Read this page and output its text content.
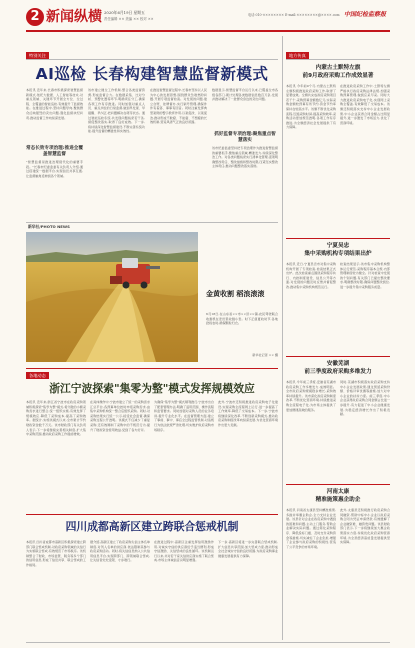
2 新闻纵横 2020年6月19日 星期五
责任编辑 ×× 美编 ×× 校对 ××
电话:010-×××××××× E-mail:××××××××@××××.com 中国纪检监察报
特别关注
AI巡检 长春构建智慧监督新模式
本报讯 近年来,长春市积极探索智慧监督新模式,依托大数据、人工智能等技术,对重点领域、关键环节开展全方位、全过程、全覆盖的智能巡检,有效提升了监督效能。在推进过程中,坚持问题导向,聚焦群众反映强烈的突出问题,强化监督执纪问责,推动监督工作向纵深发展。
常态长效专项治理:推进全覆盖智慧监督
"智慧监督是推进治理现代化的重要手段。"长春市纪委监委有关负责人介绍,通过搭建统一数据平台,实现信息共享互通,让监督触角延伸到各个领域。
该市建立健全工作机制,整合各类监督资源,形成监督合力。在数据采集、比对分析、预警处置等环节,明确责任分工,确保各项工作有序推进。同时加强对重点人员、重点岗位的日常监督,做到早发现、早提醒、早纠正,把问题解决在萌芽状态。通过智能巡检系统,共发现问题线索若干条,督促整改落实,取得了良好成效。下一步,将持续深化智慧监督建设,不断完善系统功能,提升监督的精准性和实效性。
在推进智慧监督过程中,长春市坚持以人民为中心的发展思想,围绕群众急难愁盼问题,开展专项监督检查。对发现的问题,建立台账、挂牌督办,实行销号管理,确保件件有着落、事事有回音。同时注重发挥典型案例的警示教育作用,以案促改、以案促治,推动形成不敢腐、不能腐、不想腐的长效机制,营造风清气正的良好氛围。
数据显示,智慧监督平台运行以来,已覆盖全市各级各部门,累计处理各类数据信息数百万条,发现并推动解决了一批群众身边的突出问题。
抓好监督专项治理:聚焦重点智慧落实
该市纪委监委坚持把专项治理作为推进智慧监督的重要抓手,聚焦重点领域,精准发力,持续深化整治工作。对各类问题线索实行清单化管理,逐项明确整改责任、整改措施和整改时限,压紧压实整改主体责任,推动问题整改落实落细。
新华社/PHOTO NEWS
金黄收割 稻浪滚滚
6月18日,在山东省××市××县××镇,农民驾驶联合收割机在麦田里收割小麦。时下正值夏收时节,各地抢抓农时,确保颗粒归仓。
新华社记者 ×× 摄
各地动态
浙江宁波探索"集零为整"模式发挥规模效应
本报讯 近年来,浙江省宁波市在政府采购领域积极探索"集零为整"模式,将分散的小额采购需求进行整合,统一组织实施,有效发挥了规模效应,降低了采购成本,提高了采购效率。据统计,实施该模式以来,全市累计节约财政资金数千万元。该市财政部门有关负责人表示,下一步将继续完善相关制度,扩大集中采购范围,推动政府采购工作提质增效。
在具体操作中,宁波市建立了统一的采购需求汇总平台,各预算单位按时申报采购需求,由集中采购机构统一整合后组织采购。同时,对采购结果实行统一公示,接受社会监督,确保采购过程公开透明。该模式不仅减少了重复采购,还有效遏制了采购中的不规范行为,提升了财政资金使用效益,受到了各方好评。
为确保"集零为整"模式顺利推行,宁波市出台了配套管理办法,明确了适用范围、操作流程和监管要求。同时加强对采购人员的业务培训,提升专业化水平。在监督管理方面,建立了事前、事中、事后全过程监管机制,对违规行为依法依规严肃处理,切实维护政府采购市场秩序。
此外,宁波市还积极推进政府采购电子化建设,实现采购全流程网上运行,进一步提高了工作效率,降低了交易成本。下一步,宁波市将继续深化改革,不断创新采购模式,推动政府采购制度改革向纵深发展,为优化营商环境作出更大贡献。
四川成都高新区建立跨联合惩戒机制
本报讯 四川省成都市高新区积极探索建立跨部门联合惩戒机制,对政府采购领域的失信行为实施联合惩戒,有效规范了市场秩序。该机制整合了财政、市场监管、税务等多个部门的信用信息,形成了信息共享、联合惩戒的工作格局。
据介绍,高新区建立了政府采购失信主体名单制度,对列入名单的供应商,依法限制其参与政府采购活动。同时,将失信信息纳入公共信用信息平台,实现跨部门、跨领域联合惩戒,让失信者处处受限、寸步难行。
在推进过程中,高新区注重发挥信用激励作用,对诚实守信的供应商给予适当便利,形成守信激励、失信惩戒的良性循环。该机制运行以来,共对若干家失信供应商实施了联合惩戒,市场主体诚信意识明显增强。
下一步,高新区将进一步完善联合惩戒机制,扩大信息共享范围,加大惩戒力度,推动形成全社会诚实守信的良好氛围,为政府采购事业健康发展提供有力保障。
地方传真
内蒙古土默特左旗
前9月政府采购工作成效显著
本报讯 今年前9个月,内蒙古土默特左旗积极推进政府采购工作,取得了显著成效。全旗共完成政府采购项目若干个,采购预算金额数亿元,实际采购金额较预算有所节约,资金节约率保持在较高水平。该旗不断优化采购流程,压缩采购时间,提高采购效率,采购活动更加规范透明,各项工作有序推进,为全旗经济社会发展提供了有力保障。
在推进政府采购工作中,土默特左旗严格执行政府采购法律法规,加强采购预算管理,做到应采尽采。同时大力推进政府采购电子化,实现网上采购全覆盖,有效降低了交易成本。该旗还积极落实支持中小企业发展政策,中小企业获得合同金额占比明显提升,进一步激发了市场活力,优化了营商环境。
宁夏吴忠
集中采购机构专项结果出炉
本报讯 近日,宁夏吴忠市对集中采购机构开展了专项检查,检查结果正式出炉。此次检查重点围绕采购程序执行、内控制度建设、信息公开等方面,对发现的问题及时反馈并督促整改,推动集中采购机构规范运行。
检查结果显示,该市集中采购机构整体运行规范,采购程序基本合规,内部管理制度较为健全。针对检查中发现的个别问题,有关部门已提出整改要求,明确整改时限,确保问题整改到位,进一步提升集中采购服务质量。
安徽芜湖
前三季度政府采购多维发力
本报讯 今年前三季度,安徽省芜湖市政府采购工作多维发力,成效明显。全市政府采购规模稳步增长,采购效率持续提升。该市深化政府采购制度改革,不断优化营商环境,持续推进采购全流程电子化,为市场主体提供了更加便捷高效的服务。
同时,芜湖市积极落实政府采购支持中小企业发展政策,通过预留采购份额、价格评审优惠等措施,加大对中小企业的扶持力度。前三季度,中小企业获得政府采购合同金额占比进一步提升,有力促进了中小企业健康发展,为稳定经济增长作出了积极贡献。
河南太康
精准施策惠企助企
本报讯 河南省太康县坚持精准施策,多措并举惠企助企,全力支持企业发展。该县针对企业在政府采购中遇到的困难和问题,主动上门服务,帮助企业解决实际问题。通过简化采购程序、降低投标门槛、及时支付采购资金等措施,切实减轻了企业负担,增强了企业参与政府采购的积极性,营造了公平竞争的市场环境。
此外,太康县还积极推行政府采购合同融资,帮助中标中小企业以政府采购合同为凭证申请贷款,有效缓解了企业融资难、融资贵问题。该县财政部门表示,下一步将继续加大惠企政策落实力度,持续优化政府采购营商环境,为全县经济高质量发展提供坚实保障。
